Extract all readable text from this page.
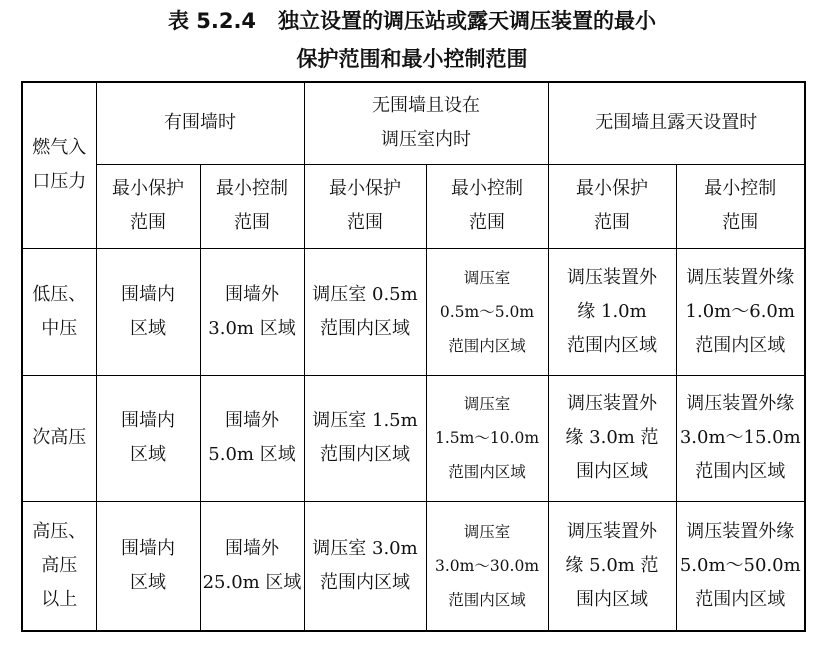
表 5.2.4 独立设置的调压站或露天调压装置的最小
保护范围和最小控制范围
燃气入
口压力	有围墙时		无围墙且设在
调压室内时		无围墙且露天设置时	

	最小保护
范围	最小控制
范围	最小保护
范围	最小控制
范围	最小保护
范围	最小控制
范围

低压、
中压	围墙内
区域	围墙外
3.0m 区域	调压室 0.5m
范围内区域	调压室
0.5m～5.0m
范围内区域	调压装置外
缘 1.0m
范围内区域	调压装置外缘
1.0m～6.0m
范围内区域

次高压	围墙内
区域	围墙外
5.0m 区域	调压室 1.5m
范围内区域	调压室
1.5m～10.0m
范围内区域	调压装置外
缘 3.0m 范
围内区域	调压装置外缘
3.0m～15.0m
范围内区域

高压、
高压
以上	围墙内
区域	围墙外
25.0m 区域	调压室 3.0m
范围内区域	调压室
3.0m～30.0m
范围内区域	调压装置外
缘 5.0m 范
围内区域	调压装置外缘
5.0m～50.0m
范围内区域
